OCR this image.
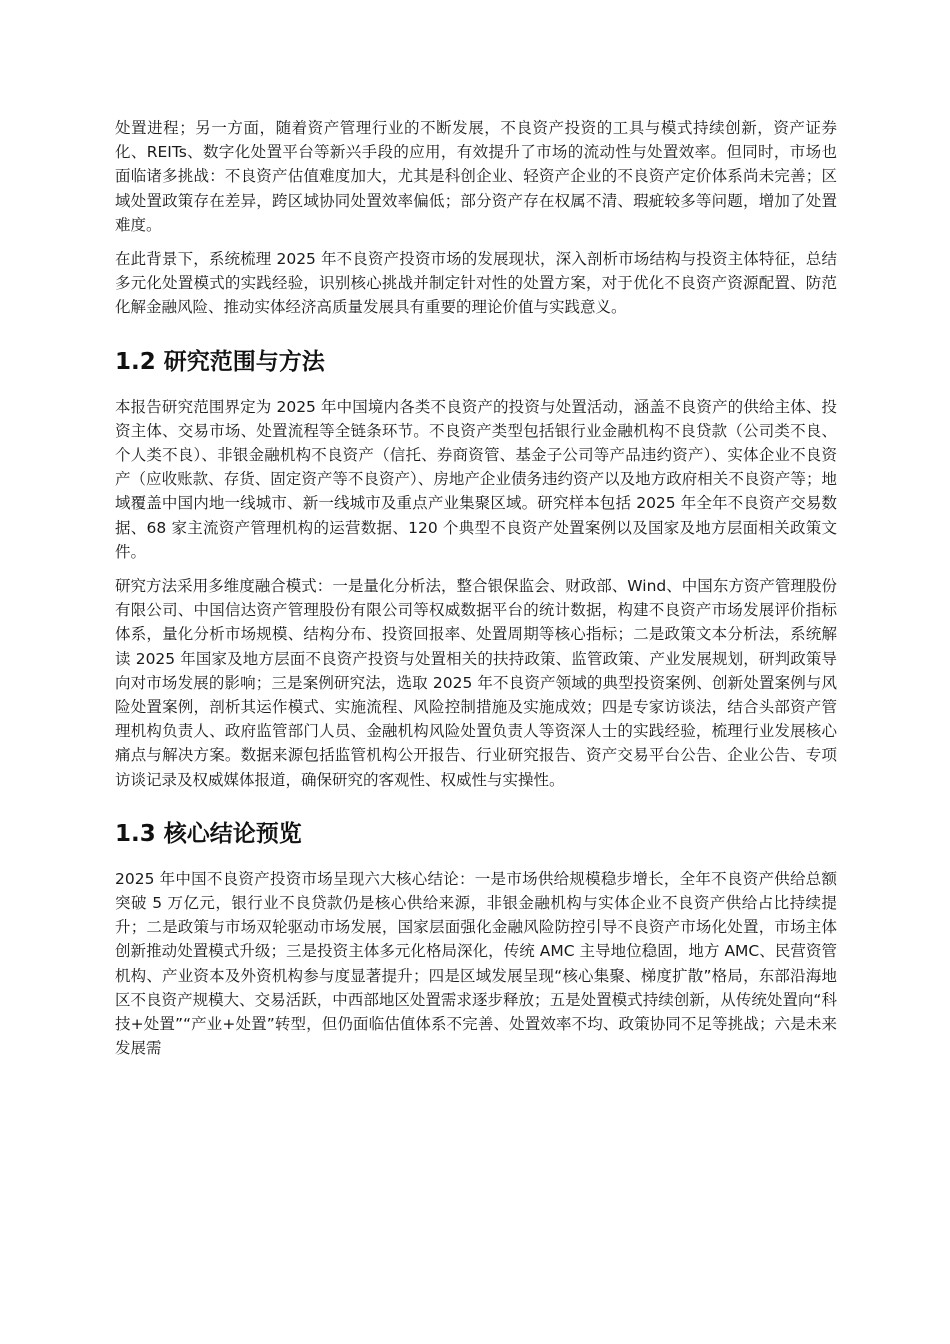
处置进程；另一方面，随着资产管理行业的不断发展，不良资产投资的工具与模式持续创新，资产证券化、REITs、数字化处置平台等新兴手段的应用，有效提升了市场的流动性与处置效率。但同时，市场也面临诸多挑战：不良资产估值难度加大，尤其是科创企业、轻资产企业的不良资产定价体系尚未完善；区域处置政策存在差异，跨区域协同处置效率偏低；部分资产存在权属不清、瑕疵较多等问题，增加了处置难度。

在此背景下，系统梳理 2025 年不良资产投资市场的发展现状，深入剖析市场结构与投资主体特征，总结多元化处置模式的实践经验，识别核心挑战并制定针对性的处置方案，对于优化不良资产资源配置、防范化解金融风险、推动实体经济高质量发展具有重要的理论价值与实践意义。

1.2 研究范围与方法

本报告研究范围界定为 2025 年中国境内各类不良资产的投资与处置活动，涵盖不良资产的供给主体、投资主体、交易市场、处置流程等全链条环节。不良资产类型包括银行业金融机构不良贷款（公司类不良、个人类不良）、非银金融机构不良资产（信托、券商资管、基金子公司等产品违约资产）、实体企业不良资产（应收账款、存货、固定资产等不良资产）、房地产企业债务违约资产以及地方政府相关不良资产等；地域覆盖中国内地一线城市、新一线城市及重点产业集聚区域。研究样本包括 2025 年全年不良资产交易数据、68 家主流资产管理机构的运营数据、120 个典型不良资产处置案例以及国家及地方层面相关政策文件。

研究方法采用多维度融合模式：一是量化分析法，整合银保监会、财政部、Wind、中国东方资产管理股份有限公司、中国信达资产管理股份有限公司等权威数据平台的统计数据，构建不良资产市场发展评价指标体系，量化分析市场规模、结构分布、投资回报率、处置周期等核心指标；二是政策文本分析法，系统解读 2025 年国家及地方层面不良资产投资与处置相关的扶持政策、监管政策、产业发展规划，研判政策导向对市场发展的影响；三是案例研究法，选取 2025 年不良资产领域的典型投资案例、创新处置案例与风险处置案例，剖析其运作模式、实施流程、风险控制措施及实施成效；四是专家访谈法，结合头部资产管理机构负责人、政府监管部门人员、金融机构风险处置负责人等资深人士的实践经验，梳理行业发展核心痛点与解决方案。数据来源包括监管机构公开报告、行业研究报告、资产交易平台公告、企业公告、专项访谈记录及权威媒体报道，确保研究的客观性、权威性与实操性。

1.3 核心结论预览

2025 年中国不良资产投资市场呈现六大核心结论：一是市场供给规模稳步增长，全年不良资产供给总额突破 5 万亿元，银行业不良贷款仍是核心供给来源，非银金融机构与实体企业不良资产供给占比持续提升；二是政策与市场双轮驱动市场发展，国家层面强化金融风险防控引导不良资产市场化处置，市场主体创新推动处置模式升级；三是投资主体多元化格局深化，传统 AMC 主导地位稳固，地方 AMC、民营资管机构、产业资本及外资机构参与度显著提升；四是区域发展呈现“核心集聚、梯度扩散”格局，东部沿海地区不良资产规模大、交易活跃，中西部地区处置需求逐步释放；五是处置模式持续创新，从传统处置向“科技+处置”“产业+处置”转型，但仍面临估值体系不完善、处置效率不均、政策协同不足等挑战；六是未来发展需
